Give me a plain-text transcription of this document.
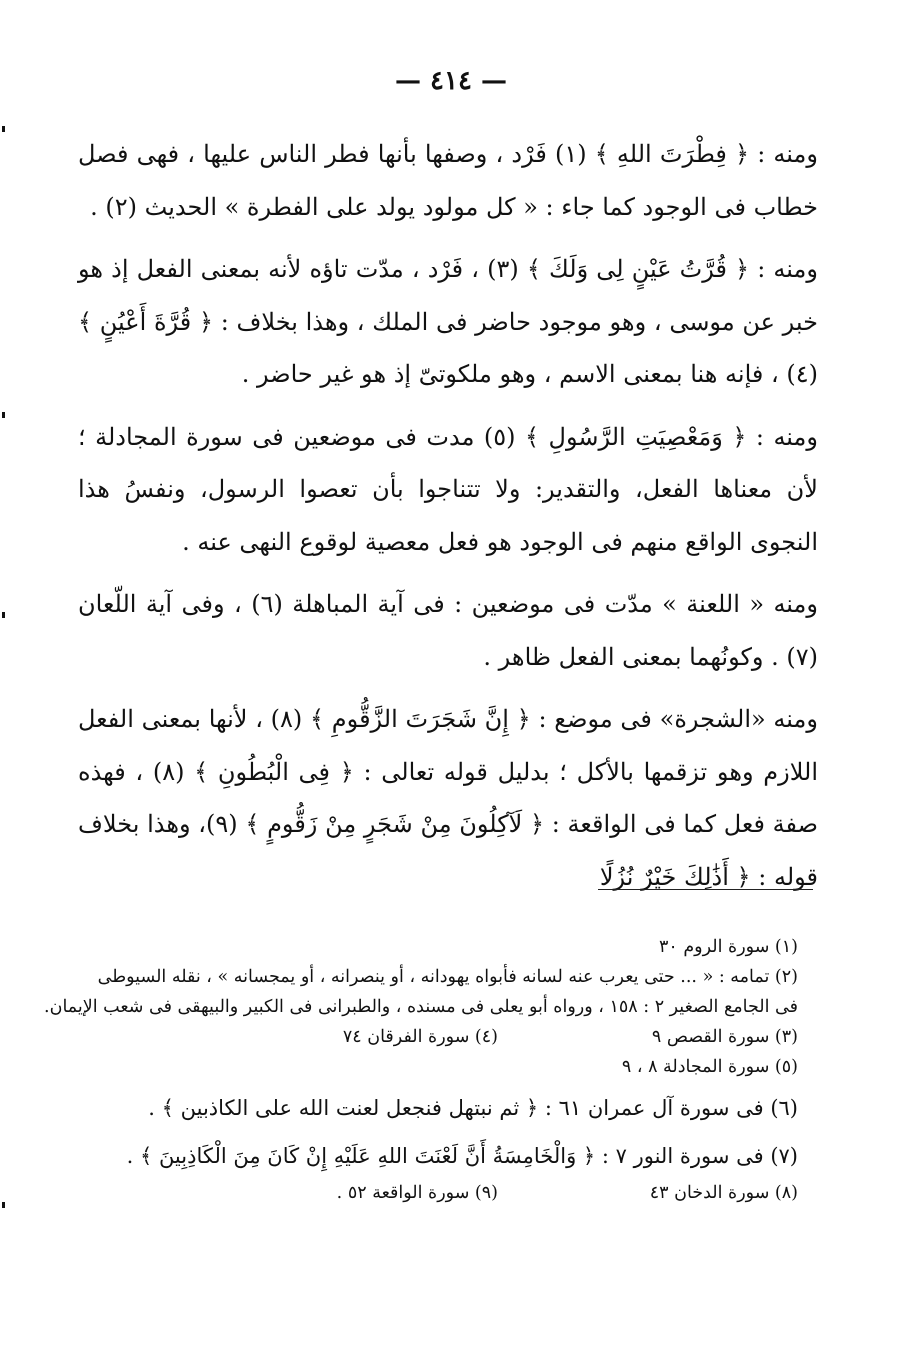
— ٤١٤ —

ومنه : ﴿ فِطْرَتَ اللهِ ﴾ (١) فَرْد ، وصفها بأنها فطر الناس عليها ، فهى فصل خطاب فى الوجود كما جاء : « كل مولود يولد على الفطرة » الحديث (٢) .

ومنه : ﴿ قُرَّتُ عَيْنٍ لِى وَلَكَ ﴾ (٣) ، فَرْد ، مدّت تاؤه لأنه بمعنى الفعل إذ هو خبر عن موسى ، وهو موجود حاضر فى الملك ، وهذا بخلاف : ﴿ قُرَّةَ أَعْيُنٍ ﴾ (٤) ، فإنه هنا بمعنى الاسم ، وهو ملكوتىّ إذ هو غير حاضر .

ومنه : ﴿ وَمَعْصِيَتِ الرَّسُولِ ﴾ (٥) مدت فى موضعين فى سورة المجادلة ؛ لأن معناها الفعل، والتقدير: ولا تتناجوا بأن تعصوا الرسول، ونفسُ هذا النجوى الواقع منهم فى الوجود هو فعل معصية لوقوع النهى عنه .

ومنه « اللعنة » مدّت فى موضعين : فى آية المباهلة (٦) ، وفى آية اللّعان (٧) . وكونُهما بمعنى الفعل ظاهر .

ومنه «الشجرة» فى موضع : ﴿ إِنَّ شَجَرَتَ الزَّقُّومِ ﴾ (٨) ، لأنها بمعنى الفعل اللازم وهو تزقمها بالأكل ؛ بدليل قوله تعالى : ﴿ فِى الْبُطُونِ ﴾ (٨) ، فهذه صفة فعل كما فى الواقعة : ﴿ لَآكِلُونَ مِنْ شَجَرٍ مِنْ زَقُّومٍ ﴾ (٩)، وهذا بخلاف قوله : ﴿ أَذَٰلِكَ خَيْرٌ نُزُلًا

(١) سورة الروم ٣٠
(٢) تمامه : « ... حتى يعرب عنه لسانه فأبواه يهودانه ، أو ينصرانه ، أو يمجسانه » ، نقله السيوطى
فى الجامع الصغير ٢ : ١٥٨ ، ورواه أبو يعلى فى مسنده ، والطبرانى فى الكبير والبيهقى فى شعب الإيمان.
(٣) سورة القصص ٩
(٤) سورة الفرقان ٧٤
(٥) سورة المجادلة ٨ ، ٩
(٦) فى سورة آل عمران ٦١ : ﴿ ثم نبتهل فنجعل لعنت الله على الكاذبين ﴾ .
(٧) فى سورة النور ٧ : ﴿ وَالْخَامِسَةُ أَنَّ لَعْنَتَ اللهِ عَلَيْهِ إِنْ كَانَ مِنَ الْكَاذِبِينَ ﴾ .
(٨) سورة الدخان ٤٣
(٩) سورة الواقعة ٥٢ .
